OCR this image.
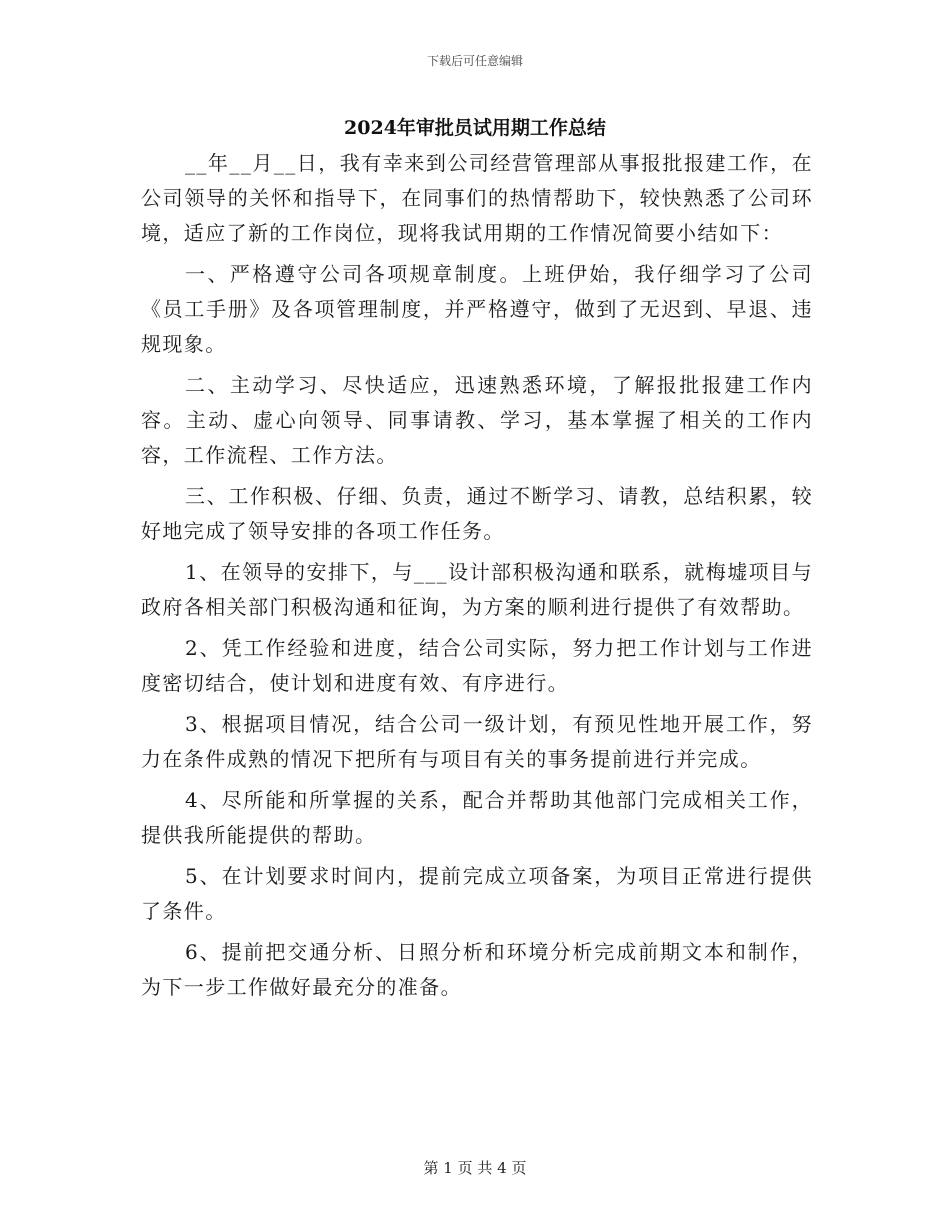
下载后可任意编辑
2024年审批员试用期工作总结

__年__月__日，我有幸来到公司经营管理部从事报批报建工作，在公司领导的关怀和指导下，在同事们的热情帮助下，较快熟悉了公司环境，适应了新的工作岗位，现将我试用期的工作情况简要小结如下：

一、严格遵守公司各项规章制度。上班伊始，我仔细学习了公司《员工手册》及各项管理制度，并严格遵守，做到了无迟到、早退、违规现象。

二、主动学习、尽快适应，迅速熟悉环境，了解报批报建工作内容。主动、虚心向领导、同事请教、学习，基本掌握了相关的工作内容，工作流程、工作方法。

三、工作积极、仔细、负责，通过不断学习、请教，总结积累，较好地完成了领导安排的各项工作任务。

1、在领导的安排下，与___设计部积极沟通和联系，就梅墟项目与政府各相关部门积极沟通和征询，为方案的顺利进行提供了有效帮助。

2、凭工作经验和进度，结合公司实际，努力把工作计划与工作进度密切结合，使计划和进度有效、有序进行。

3、根据项目情况，结合公司一级计划，有预见性地开展工作，努力在条件成熟的情况下把所有与项目有关的事务提前进行并完成。

4、尽所能和所掌握的关系，配合并帮助其他部门完成相关工作，提供我所能提供的帮助。

5、在计划要求时间内，提前完成立项备案，为项目正常进行提供了条件。

6、提前把交通分析、日照分析和环境分析完成前期文本和制作，为下一步工作做好最充分的准备。

第 1 页 共 4 页
